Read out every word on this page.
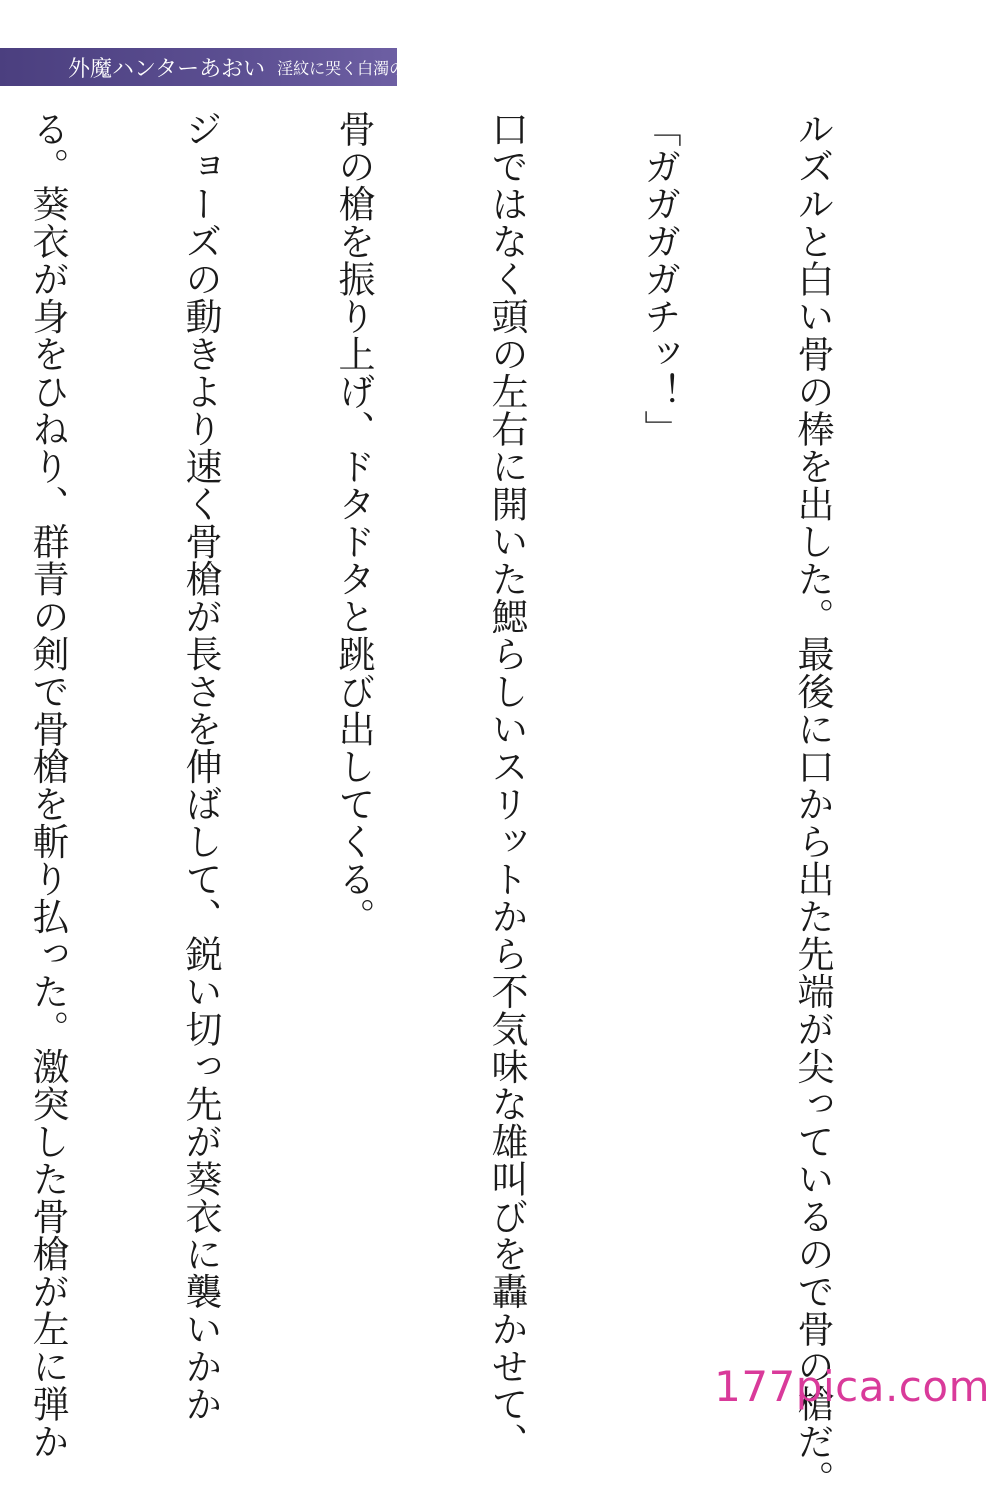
外魔ハンターあおい 淫紋に哭く白濁の夜

ルズルと白い骨の棒を出した。最後に口から出た先端が尖っているので骨の槍だ。

「ガガガガチッ！」

口ではなく頭の左右に開いた鰓らしいスリットから不気味な雄叫びを轟かせて、

骨の槍を振り上げ、ドタドタと跳び出してくる。

ジョーズの動きより速く骨槍が長さを伸ばして、鋭い切っ先が葵衣に襲いかか

る。葵衣が身をひねり、群青の剣で骨槍を斬り払った。激突した骨槍が左に弾か

	177pica.com
